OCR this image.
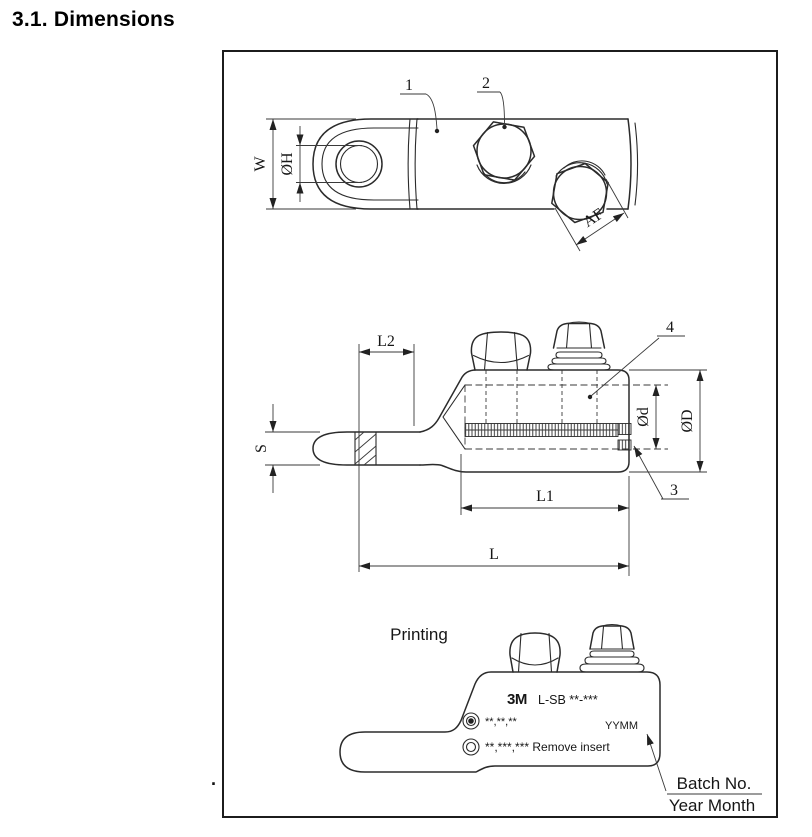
3.1. Dimensions
W ØH
AF
1	2
L2
4
3
Ød ØD
L1
L
S
Printing
3M L-SB **-***
**,**,**	YYMM
**,***,*** Remove insert
Batch No.
Year Month
.
